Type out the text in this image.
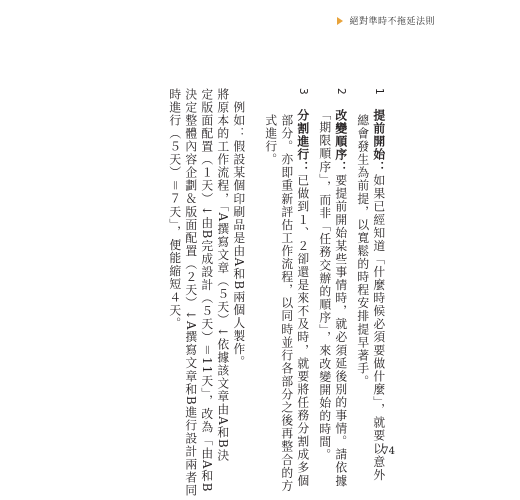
絕對準時不拖延法則
1　提前開始：如果已經知道「什麼時候必須要做什麼」，就要以意外
　　總會發生為前提，以寬鬆的時程安排提早著手。
2　改變順序：要提前開始某些事情時，就必須延後別的事情。請依據
　　「期限順序」，而非「任務交辦的順序」，來改變開始的時間。
3　分割進行：已做到１、２卻還是來不及時，就要將任務分割成多個
　　部分。亦即重新評估工作流程，以同時並行各部分之後再整合的方
　　式進行。
　例如：假設某個印刷品是由A和B兩個人製作。
將原本的工作流程，「A撰寫文章（５天）↓依據該文章由A和B決
定版面配置（１天）↓由B完成設計（５天）＝11天」，改為「由A和B
決定整體內容企劃＆版面配置（２天）↓A撰寫文章和B進行設計兩者同
時進行（５天）＝７天」，便能縮短４天。
74
